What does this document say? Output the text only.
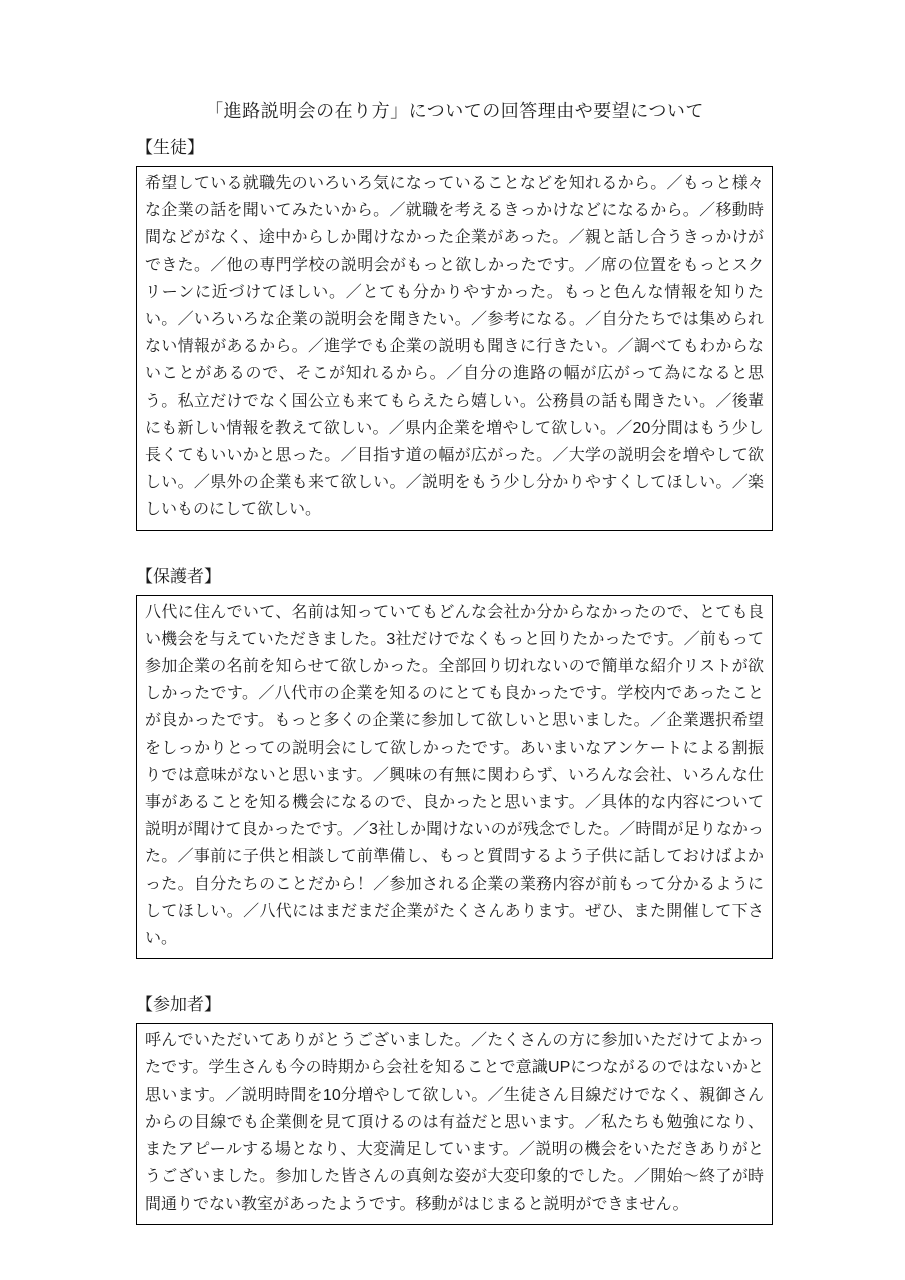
「進路説明会の在り方」についての回答理由や要望について
【生徒】
希望している就職先のいろいろ気になっていることなどを知れるから。／もっと様々な企業の話を聞いてみたいから。／就職を考えるきっかけなどになるから。／移動時間などがなく、途中からしか聞けなかった企業があった。／親と話し合うきっかけができた。／他の専門学校の説明会がもっと欲しかったです。／席の位置をもっとスクリーンに近づけてほしい。／とても分かりやすかった。もっと色んな情報を知りたい。／いろいろな企業の説明会を聞きたい。／参考になる。／自分たちでは集められない情報があるから。／進学でも企業の説明も聞きに行きたい。／調べてもわからないことがあるので、そこが知れるから。／自分の進路の幅が広がって為になると思う。私立だけでなく国公立も来てもらえたら嬉しい。公務員の話も聞きたい。／後輩にも新しい情報を教えて欲しい。／県内企業を増やして欲しい。／20分間はもう少し長くてもいいかと思った。／目指す道の幅が広がった。／大学の説明会を増やして欲しい。／県外の企業も来て欲しい。／説明をもう少し分かりやすくしてほしい。／楽しいものにして欲しい。
【保護者】
八代に住んでいて、名前は知っていてもどんな会社か分からなかったので、とても良い機会を与えていただきました。3社だけでなくもっと回りたかったです。／前もって参加企業の名前を知らせて欲しかった。全部回り切れないので簡単な紹介リストが欲しかったです。／八代市の企業を知るのにとても良かったです。学校内であったことが良かったです。もっと多くの企業に参加して欲しいと思いました。／企業選択希望をしっかりとっての説明会にして欲しかったです。あいまいなアンケートによる割振りでは意味がないと思います。／興味の有無に関わらず、いろんな会社、いろんな仕事があることを知る機会になるので、良かったと思います。／具体的な内容について説明が聞けて良かったです。／3社しか聞けないのが残念でした。／時間が足りなかった。／事前に子供と相談して前準備し、もっと質問するよう子供に話しておけばよかった。自分たちのことだから！／参加される企業の業務内容が前もって分かるようにしてほしい。／八代にはまだまだ企業がたくさんあります。ぜひ、また開催して下さい。
【参加者】
呼んでいただいてありがとうございました。／たくさんの方に参加いただけてよかったです。学生さんも今の時期から会社を知ることで意識UPにつながるのではないかと思います。／説明時間を10分増やして欲しい。／生徒さん目線だけでなく、親御さんからの目線でも企業側を見て頂けるのは有益だと思います。／私たちも勉強になり、またアピールする場となり、大変満足しています。／説明の機会をいただきありがとうございました。参加した皆さんの真剣な姿が大変印象的でした。／開始～終了が時間通りでない教室があったようです。移動がはじまると説明ができません。
